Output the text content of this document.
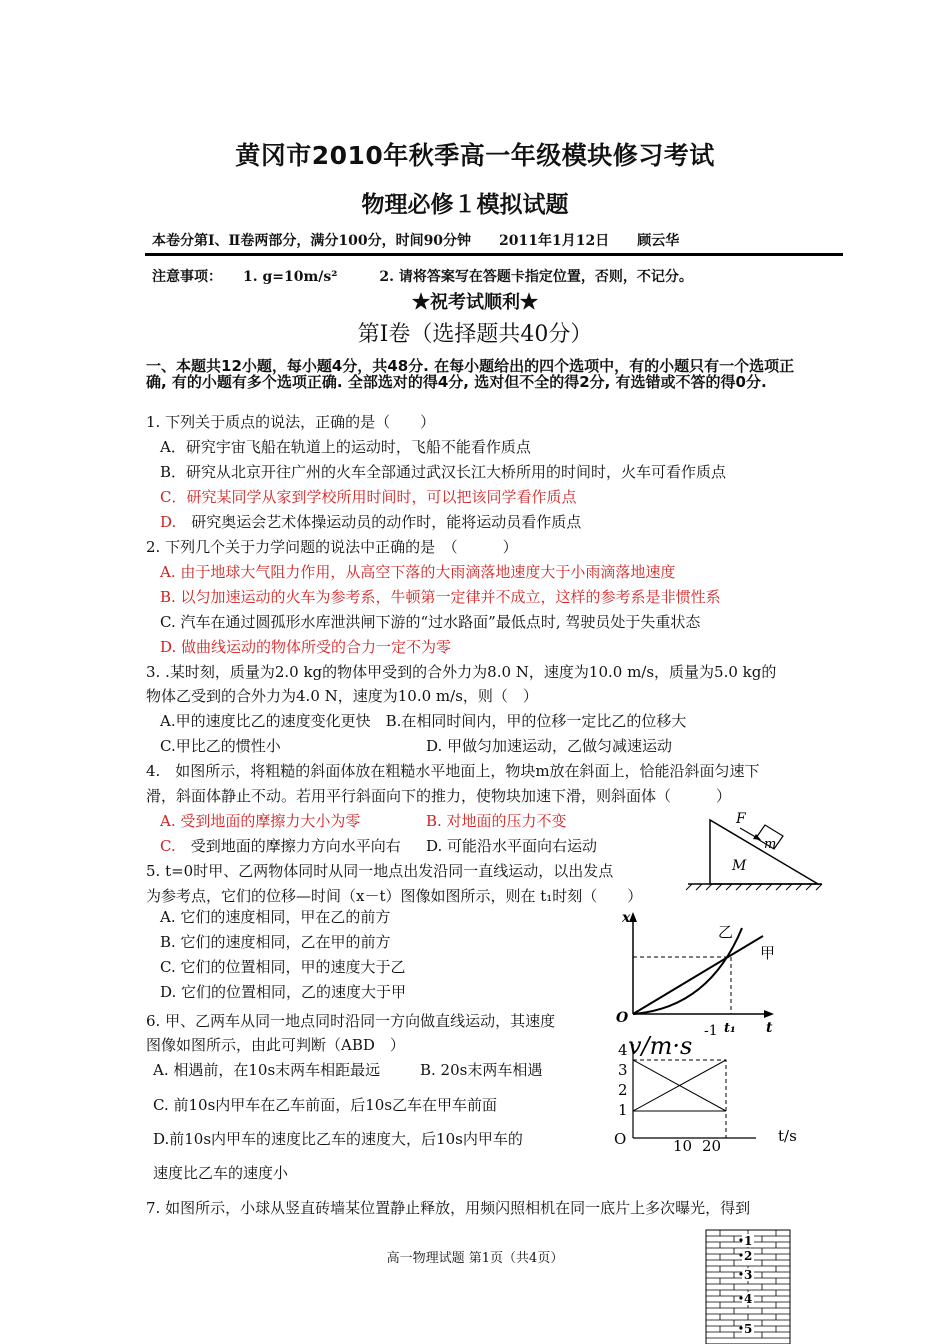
黄冈市2010年秋季高一年级模块修习考试
物理必修１模拟试题
本卷分第Ⅰ、Ⅱ卷两部分，满分100分，时间90分钟　　2011年1月12日　　顾云华
注意事项：　　1. g=10m/s²　　　2. 请将答案写在答题卡指定位置，否则，不记分。
★祝考试顺利★
第Ⅰ卷（选择题共40分）
一、本题共12小题，每小题4分，共48分. 在每小题给出的四个选项中，有的小题只有一个选项正确, 有的小题有多个选项正确. 全部选对的得4分, 选对但不全的得2分, 有选错或不答的得0分.
1. 下列关于质点的说法，正确的是（　　）
A．研究宇宙飞船在轨道上的运动时，飞船不能看作质点
B．研究从北京开往广州的火车全部通过武汉长江大桥所用的时间时，火车可看作质点
C．研究某同学从家到学校所用时间时，可以把该同学看作质点
D.　 研究奥运会艺术体操运动员的动作时，能将运动员看作质点
2. 下列几个关于力学问题的说法中正确的是　（　　　）
A. 由于地球大气阻力作用，从高空下落的大雨滴落地速度大于小雨滴落地速度
B. 以匀加速运动的火车为参考系，牛顿第一定律并不成立，这样的参考系是非惯性系
C. 汽车在通过圆孤形水库泄洪闸下游的“过水路面”最低点时, 驾驶员处于失重状态
D. 做曲线运动的物体所受的合力一定不为零
3. .某时刻，质量为2.0 kg的物体甲受到的合外力为8.0 N，速度为10.0 m/s，质量为5.0 kg的
物体乙受到的合外力为4.0 N，速度为10.0 m/s，则（　）
A.甲的速度比乙的速度变化更快　B.在相同时间内，甲的位移一定比乙的位移大
C.甲比乙的惯性小	D. 甲做匀加速运动，乙做匀减速运动
4.　如图所示，将粗糙的斜面体放在粗糙水平地面上，物块m放在斜面上，恰能沿斜面匀速下
滑，斜面体静止不动。若用平行斜面向下的推力，使物块加速下滑，则斜面体（　　　）
A. 受到地面的摩擦力大小为零	B. 对地面的压力不变
C.　 受到地面的摩擦力方向水平向右 D. 可能沿水平面向右运动
F
m
M
5. t=0时甲、乙两物体同时从同一地点出发沿同一直线运动，以出发点
为参考点，它们的位移—时间（x－t）图像如图所示，则在 t₁时刻（　　）
A. 它们的速度相同，甲在乙的前方
B. 它们的速度相同，乙在甲的前方
C. 它们的位置相同，甲的速度大于乙
D. 它们的位置相同，乙的速度大于甲
x
O
t
t₁
乙
甲
6. 甲、乙两车从同一地点同时沿同一方向做直线运动，其速度
图像如图所示，由此可判断（ABD　）
A. 相遇前，在10s末两车相距最远	B. 20s末两车相遇
C. 前10s内甲车在乙车前面，后10s乙车在甲车前面
D.前10s内甲车的速度比乙车的速度大，后10s内甲车的
速度比乙车的速度小
v/m·s
-1
4
3
2
1
O	10 20
t/s
7. 如图所示，小球从竖直砖墙某位置静止释放，用频闪照相机在同一底片上多次曝光，得到
1
2
3
4
5
高一物理试题 第1页（共4页）
